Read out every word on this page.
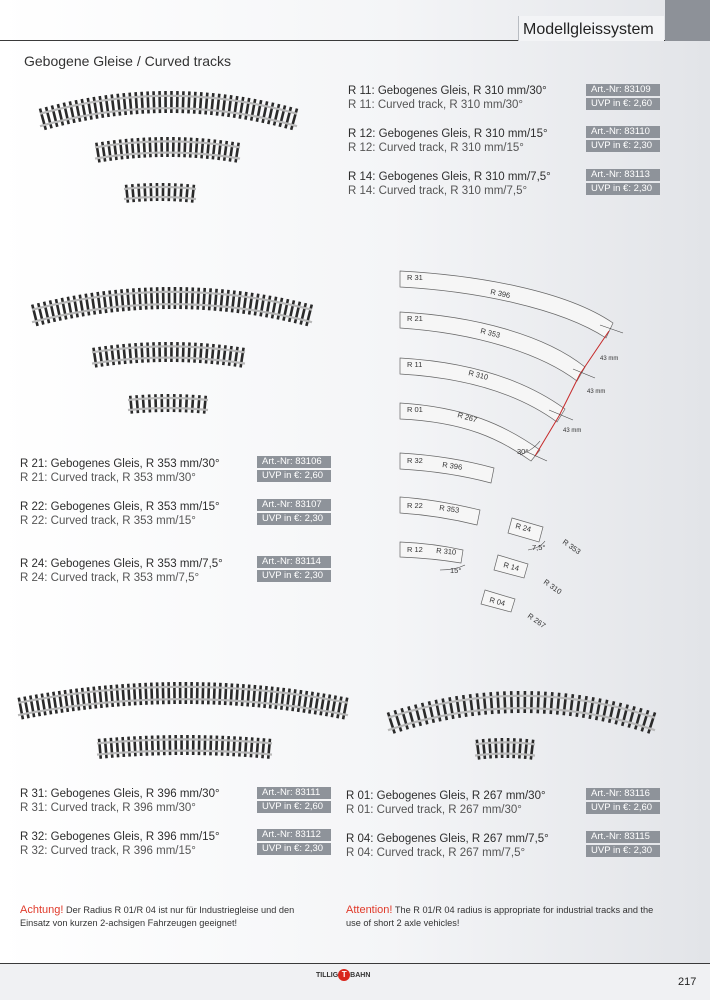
Modellgleissystem
Gebogene Gleise / Curved tracks
R 11: Gebogenes Gleis, R 310 mm/30°
R 11: Curved track, R 310 mm/30°
Art.-Nr: 83109
UVP in €: 2,60
R 12: Gebogenes Gleis, R 310 mm/15°
R 12: Curved track, R 310 mm/15°
Art.-Nr: 83110
UVP in €: 2,30
R 14: Gebogenes Gleis, R 310 mm/7,5°
R 14: Curved track, R 310 mm/7,5°
Art.-Nr: 83113
UVP in €: 2,30
R 21: Gebogenes Gleis, R 353 mm/30°
R 21: Curved track, R 353 mm/30°
Art.-Nr: 83106
UVP in €: 2,60
R 22: Gebogenes Gleis, R 353 mm/15°
R 22: Curved track, R 353 mm/15°
Art.-Nr: 83107
UVP in €: 2,30
R 24: Gebogenes Gleis, R 353 mm/7,5°
R 24: Curved track, R 353 mm/7,5°
Art.-Nr: 83114
UVP in €: 2,30
R 31: Gebogenes Gleis, R 396 mm/30°
R 31: Curved track, R 396 mm/30°
Art.-Nr: 83111
UVP in €: 2,60
R 32: Gebogenes Gleis, R 396 mm/15°
R 32: Curved track, R 396 mm/15°
Art.-Nr: 83112
UVP in €: 2,30
R 01: Gebogenes Gleis, R 267 mm/30°
R 01: Curved track, R 267 mm/30°
Art.-Nr: 83116
UVP in €: 2,60
R 04: Gebogenes Gleis, R 267 mm/7,5°
R 04: Curved track, R 267 mm/7,5°
Art.-Nr: 83115
UVP in €: 2,30
R 31
R 396
R 21
R 353
R 11
R 310
R 01
R 267
30°
43 mm
43 mm
43 mm
R 32	R 396
R 22 R 353
R 12 R 310
15°
R 24
R 353
7,5°
R 14
R 310
R 04
R 267
Achtung! Der Radius R 01/R 04 ist nur für Industriegleise und den Einsatz von kurzen 2-achsigen Fahrzeugen geeignet!
Attention! The R 01/R 04 radius is appropriate for industrial tracks and the use of short 2 axle vehicles!
TILLIG T BAHN
217
